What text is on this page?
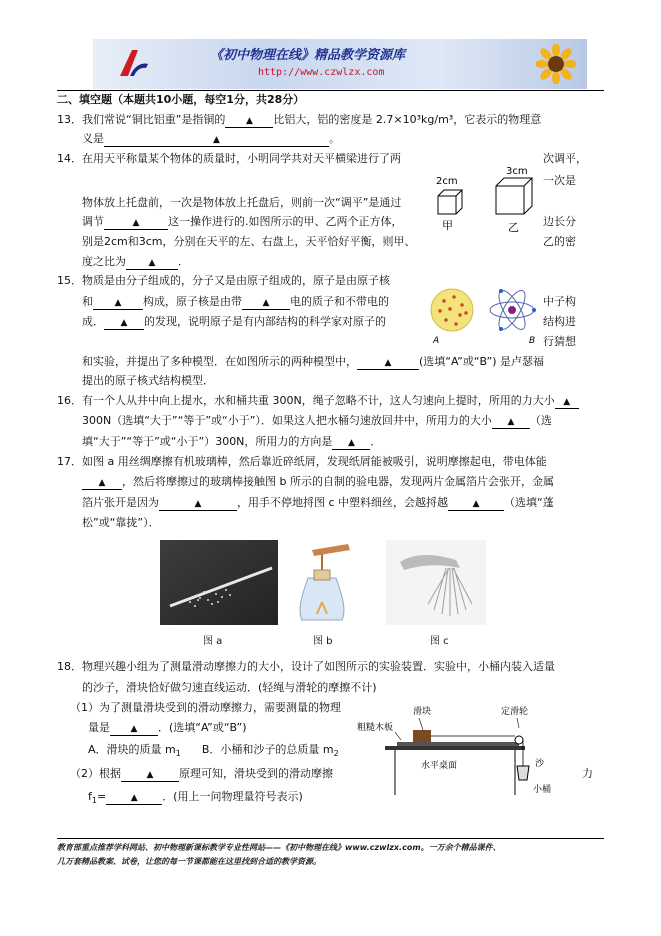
《初中物理在线》精品教学资源库
http://www.czwlzx.com
二、填空题（本题共10小题，每空1分，共28分）
13．我们常说“铜比铝重”是指铜的 ▲ 比铝大，铝的密度是 2.7×10³kg/m³，它表示的物理意
义是	▲	。
14．在用天平称量某个物体的质量时，小明同学共对天平横梁进行了两	次调平，
一次是
物体放上托盘前，一次是物体放上托盘后，则前一次“调平”是通过
调节	▲	这一操作进行的.如图所示的甲、乙两个正方体，	边长分
别是2cm和3cm，分别在天平的左、右盘上，天平恰好平衡，则甲、	乙的密
度之比为	▲ ．
2cm
甲
3cm
乙
15．物质是由分子组成的，分子又是由原子组成的，原子是由原子核
和 ▲ 构成，原子核是由带 ▲ 电的质子和不带电的	中子构
成． ▲ 的发现，说明原子是有内部结构的科学家对原子的	结构进
行猜想
和实验，并提出了多种模型．在如图所示的两种模型中，	▲	(选填“A”或“B”) 是卢瑟福
提出的原子核式结构模型．
A	B
16．有一个人从井中向上提水，水和桶共重 300N，绳子忽略不计，这人匀速向上提时，所用的力大小 ▲
300N（选填“大于”“等于”或“小于”）．如果这人把水桶匀速放回井中，所用力的大小 ▲ （选
填“大于”“等于”或“小于”）300N，所用力的方向是 ▲ ．
17．如图 a 用丝绸摩擦有机玻璃棒，然后靠近碎纸屑，发现纸屑能被吸引，说明摩擦起电，带电体能
▲ ，然后将摩擦过的玻璃棒接触图 b 所示的自制的验电器，发现两片金属箔片会张开，金属
箔片张开是因为	▲	，用手不停地捋图 c 中塑料细丝，会越捋越	▲ （选填“蓬
松”或“靠拢”）．
图 a	图 b	图 c
18．物理兴趣小组为了测量滑动摩擦力的大小，设计了如图所示的实验装置．实验中，小桶内装入适量
的沙子，滑块恰好做匀速直线运动．(轻绳与滑轮的摩擦不计)
（1）为了测量滑块受到的滑动摩擦力，需要测量的物理
量是 ▲ ．(选填“A”或“B”)
A．滑块的质量 $m_1$ B．小桶和沙子的总质量 $m_2$
（2）根据	▲ 原理可知，滑块受到的滑动摩擦	力
$f_1=$	▲ ．(用上一问物理量符号表示)
滑块
粗糙木板
定滑轮
水平桌面	沙
小桶
教育部重点推荐学科网站、初中物理新课标教学专业性网站——《初中物理在线》www.czwlzx.com。一万余个精品课件、
几万套精品教案、试卷，让您的每一节课都能在这里找到合适的教学资源。
